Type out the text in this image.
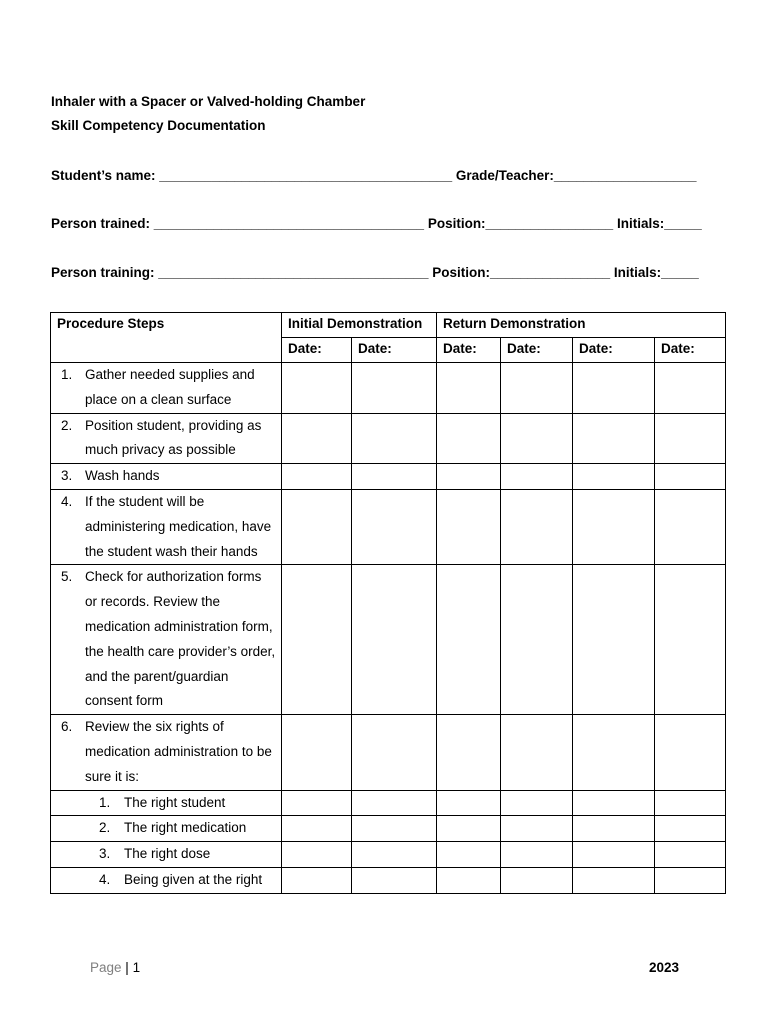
Inhaler with a Spacer or Valved-holding Chamber
Skill Competency Documentation
Student’s name: _______________________________________ Grade/Teacher:___________________
Person trained: ____________________________________ Position:_________________ Initials:_____
Person training: ____________________________________ Position:________________ Initials:_____
Procedure Steps	Initial Demonstration		Return Demonstration			
	Date:	Date:	Date:	Date:	Date:	Date:

1. Gather needed supplies and place on a clean surface						

2. Position student, providing as much privacy as possible						

3. Wash hands						

4. If the student will be administering medication, have the student wash their hands						

5. Check for authorization forms or records. Review the medication administration form, the health care provider’s order, and the parent/guardian consent form						

6. Review the six rights of medication administration to be sure it is:						

1. The right student						

2. The right medication						

3. The right dose						

4. Being given at the right						

Page | 1	2023
